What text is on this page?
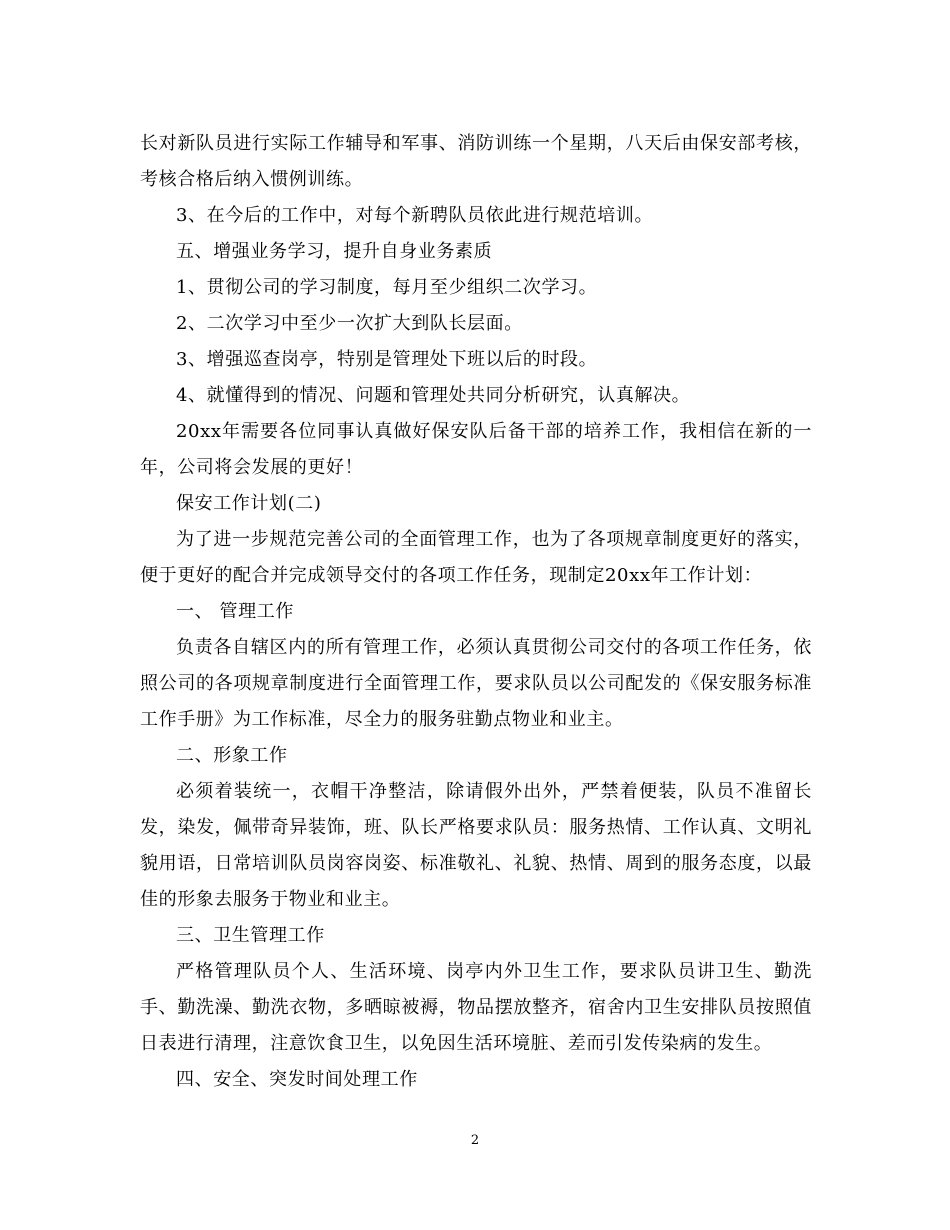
长对新队员进行实际工作辅导和军事、消防训练一个星期，八天后由保安部考核，考核合格后纳入惯例训练。

3、在今后的工作中，对每个新聘队员依此进行规范培训。

五、增强业务学习，提升自身业务素质

1、贯彻公司的学习制度，每月至少组织二次学习。

2、二次学习中至少一次扩大到队长层面。

3、增强巡查岗亭，特别是管理处下班以后的时段。

4、就懂得到的情况、问题和管理处共同分析研究，认真解决。

20xx年需要各位同事认真做好保安队后备干部的培养工作，我相信在新的一年，公司将会发展的更好！

保安工作计划(二)

为了进一步规范完善公司的全面管理工作，也为了各项规章制度更好的落实，便于更好的配合并完成领导交付的各项工作任务，现制定20xx年工作计划：

一、 管理工作

负责各自辖区内的所有管理工作，必须认真贯彻公司交付的各项工作任务，依照公司的各项规章制度进行全面管理工作，要求队员以公司配发的《保安服务标准工作手册》为工作标准，尽全力的服务驻勤点物业和业主。

二、形象工作

必须着装统一，衣帽干净整洁，除请假外出外，严禁着便装，队员不准留长发，染发，佩带奇异装饰，班、队长严格要求队员：服务热情、工作认真、文明礼貌用语，日常培训队员岗容岗姿、标准敬礼、礼貌、热情、周到的服务态度，以最佳的形象去服务于物业和业主。

三、卫生管理工作

严格管理队员个人、生活环境、岗亭内外卫生工作，要求队员讲卫生、勤洗手、勤洗澡、勤洗衣物，多晒晾被褥，物品摆放整齐，宿舍内卫生安排队员按照值日表进行清理，注意饮食卫生，以免因生活环境脏、差而引发传染病的发生。

四、安全、突发时间处理工作

2
